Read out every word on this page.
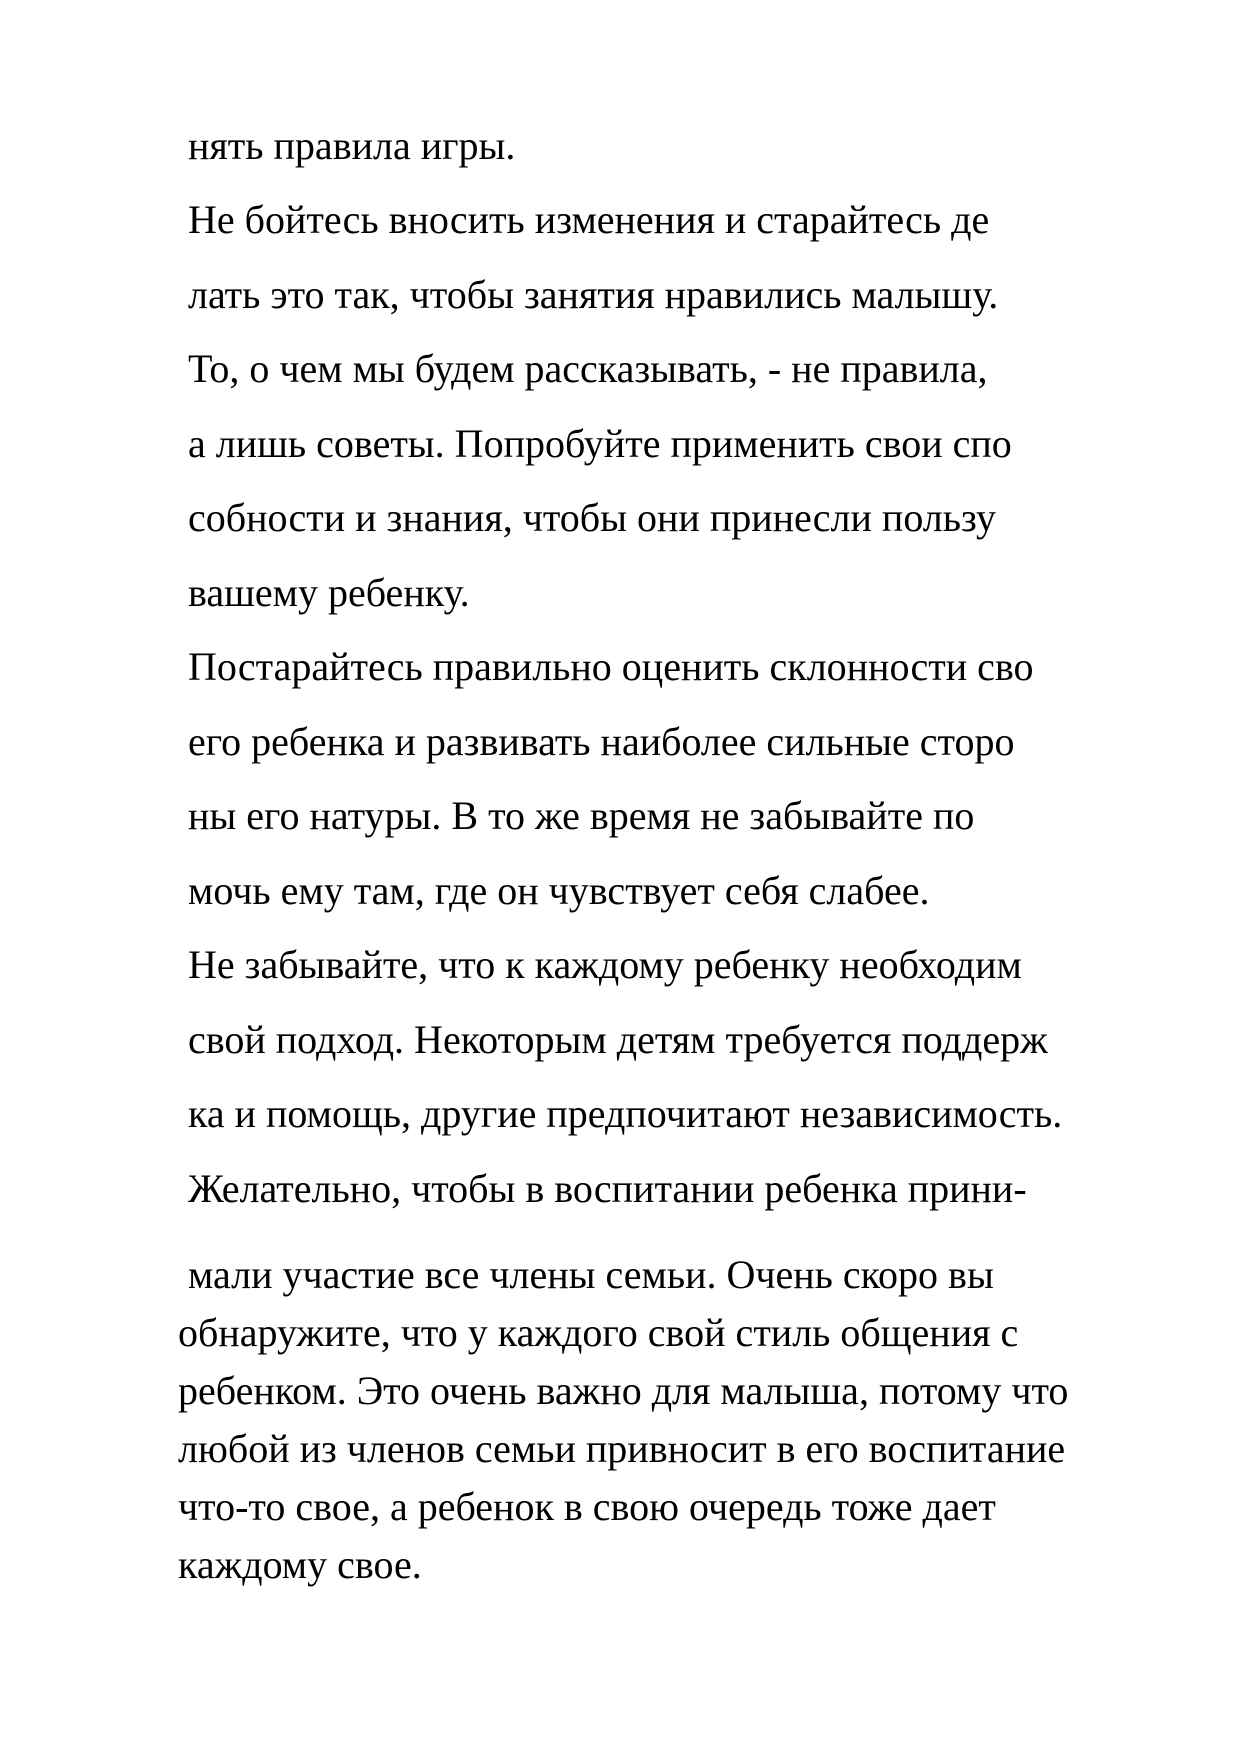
нять правила игры.

Не бойтесь вносить изменения и старайтесь де

лать это так, чтобы занятия нравились малышу.

То, о чем мы будем рассказывать, - не правила,

а лишь советы. Попробуйте применить свои спо

собности и знания, чтобы они принесли пользу

вашему ребенку.

Постарайтесь правильно оценить склонности сво

его ребенка и развивать наиболее сильные сторо

ны его натуры. В то же время не забывайте по

мочь ему там, где он чувствует себя слабее.

Не забывайте, что к каждому ребенку необходим

свой подход. Некоторым детям требуется поддерж

ка и помощь, другие предпочитают независимость.

Желательно, чтобы в воспитании ребенка прини-

мали участие все члены семьи. Очень скоро вы

обнаружите, что у каждого свой стиль общения с

ребенком. Это очень важно для малыша, потому что

любой из членов семьи привносит в его воспитание

что-то свое, а ребенок в свою очередь тоже дает

каждому свое.
